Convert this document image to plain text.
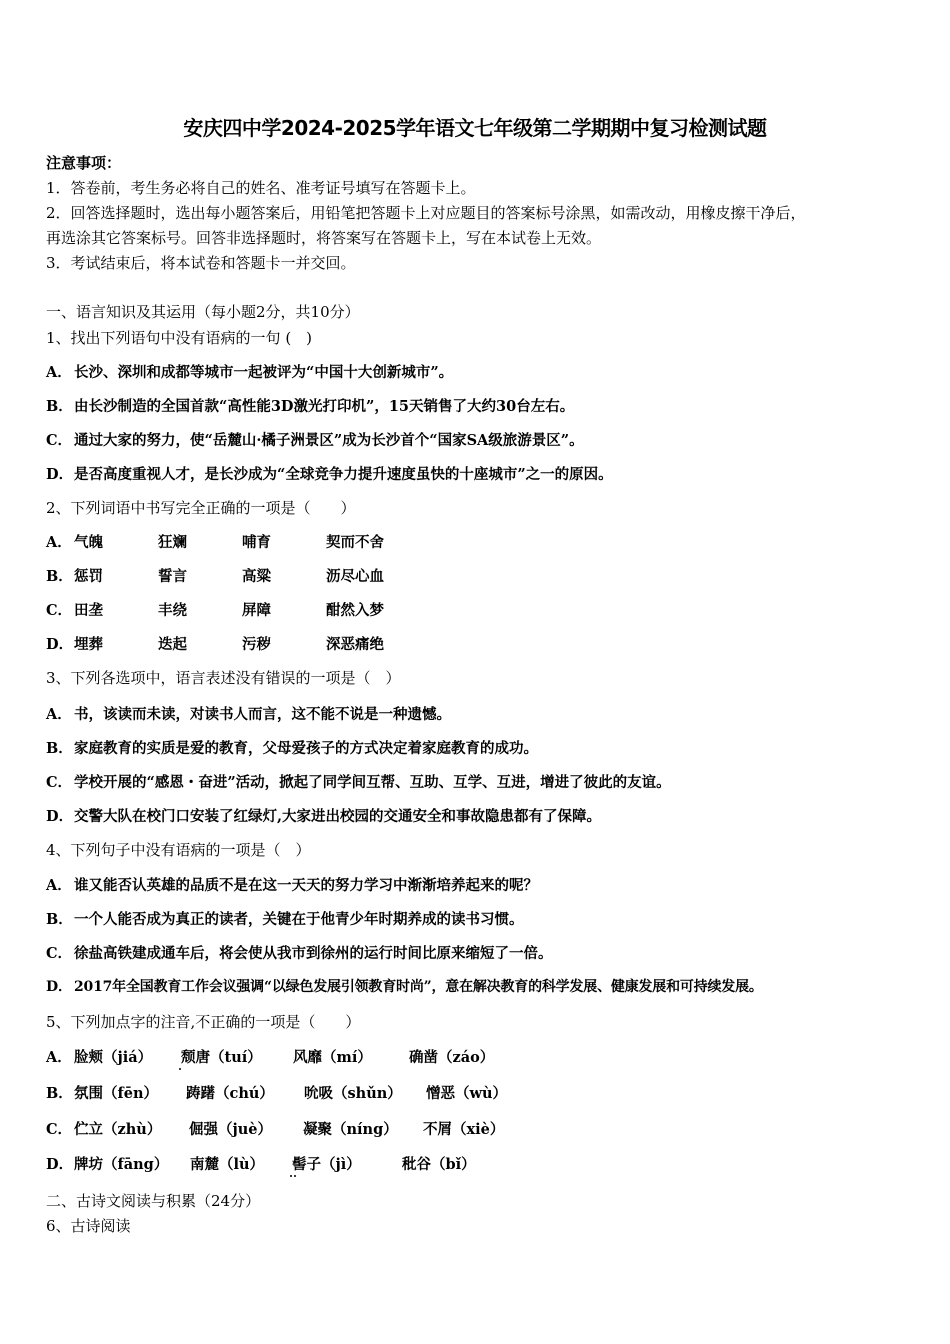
安庆四中学2024-2025学年语文七年级第二学期期中复习检测试题
注意事项：
1．答卷前，考生务必将自己的姓名、准考证号填写在答题卡上。
2．回答选择题时，选出每小题答案后，用铅笔把答题卡上对应题目的答案标号涂黑，如需改动，用橡皮擦干净后，
再选涂其它答案标号。回答非选择题时，将答案写在答题卡上，写在本试卷上无效。
3．考试结束后，将本试卷和答题卡一并交回。
一、语言知识及其运用（每小题2分，共10分）
1、找出下列语句中没有语病的一句 (　)
A． 长沙、深圳和成都等城市一起被评为“中国十大创新城市”。
B．由长沙制造的全国首款“高性能3D激光打印机”，15天销售了大约30台左右。
C． 通过大家的努力，使“岳麓山·橘子洲景区”成为长沙首个“国家SA级旅游景区”。
D．是否高度重视人才，是长沙成为“全球竞争力提升速度虽快的十座城市”之一的原因。
2、下列词语中书写完全正确的一项是（　　）
A． 气魄	狂斓	哺育	契而不舍
B．惩罚	誓言	高粱	沥尽心血
C． 田垄	丰绕	屏障	酣然入梦
D．埋葬	迭起	污秽	深恶痛绝
3、下列各选项中，语言表述没有错误的一项是（　）
A． 书，该读而未读，对读书人而言，这不能不说是一种遗憾。
B．家庭教育的实质是爱的教育，父母爱孩子的方式决定着家庭教育的成功。
C． 学校开展的“感恩・奋进”活动，掀起了同学间互帮、互助、互学、互进，增进了彼此的友谊。
D．交警大队在校门口安装了红绿灯,大家进出校园的交通安全和事故隐患都有了保障。
4、下列句子中没有语病的一项是（　）
A． 谁又能否认英雄的品质不是在这一天天的努力学习中渐渐培养起来的呢？
B．一个人能否成为真正的读者，关键在于他青少年时期养成的读书习惯。
C． 徐盐高铁建成通车后，将会使从我市到徐州的运行时间比原来缩短了一倍。
D． 2017年全国教育工作会议强调“以绿色发展引领教育时尚”，意在解决教育的科学发展、健康发展和可持续发展。
5、下列加点字的注音,不正确的一项是（　　）
A． 脸颊（jiá） 颓唐（tuí） 风靡（mí）	确凿（záo）
B．氛围（fēn） 踌躇（chú） 吮吸（shǔn） 憎恶（wù）
C． 伫立（zhù） 倔强（juè） 凝聚（níng） 不屑（xiè）
D．牌坊（fāng） 南麓（lù） 髻子（jì）	秕谷（bǐ）
二、古诗文阅读与积累（24分）
6、古诗阅读
